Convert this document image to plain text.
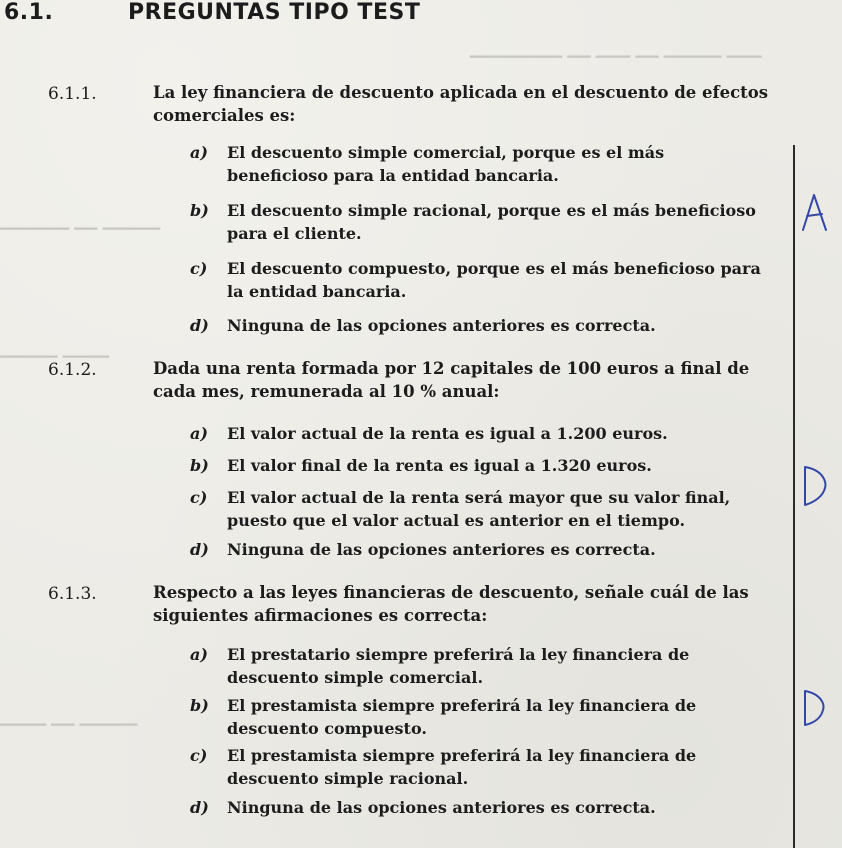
▁▁▁ ▁▁▁▁▁ ▁▁ ▁▁▁ ▁▁ ▁▁▁▁▁▁▁▁
▁▁▁▁▁ ▁▁ ▁▁▁▁▁▁
▁▁▁▁ ▁▁▁▁▁
▁▁▁▁▁ ▁▁ ▁▁▁▁
6.1.	PREGUNTAS TIPO TEST
6.1.1.	La ley financiera de descuento aplicada en el descuento de efectos comerciales es:
a) El descuento simple comercial, porque es el más beneficioso para la entidad bancaria.
b) El descuento simple racional, porque es el más beneficioso para el cliente.
c) El descuento compuesto, porque es el más beneficioso para la entidad bancaria.
d) Ninguna de las opciones anteriores es correcta.
6.1.2.	Dada una renta formada por 12 capitales de 100 euros a final de cada mes, remunerada al 10 % anual:
a) El valor actual de la renta es igual a 1.200 euros.
b) El valor final de la renta es igual a 1.320 euros.
c) El valor actual de la renta será mayor que su valor final, puesto que el valor actual es anterior en el tiempo.
d) Ninguna de las opciones anteriores es correcta.
6.1.3.	Respecto a las leyes financieras de descuento, señale cuál de las siguientes afirmaciones es correcta:
a) El prestatario siempre preferirá la ley financiera de descuento simple comercial.
b) El prestamista siempre preferirá la ley financiera de descuento compuesto.
c) El prestamista siempre preferirá la ley financiera de descuento simple racional.
d) Ninguna de las opciones anteriores es correcta.
